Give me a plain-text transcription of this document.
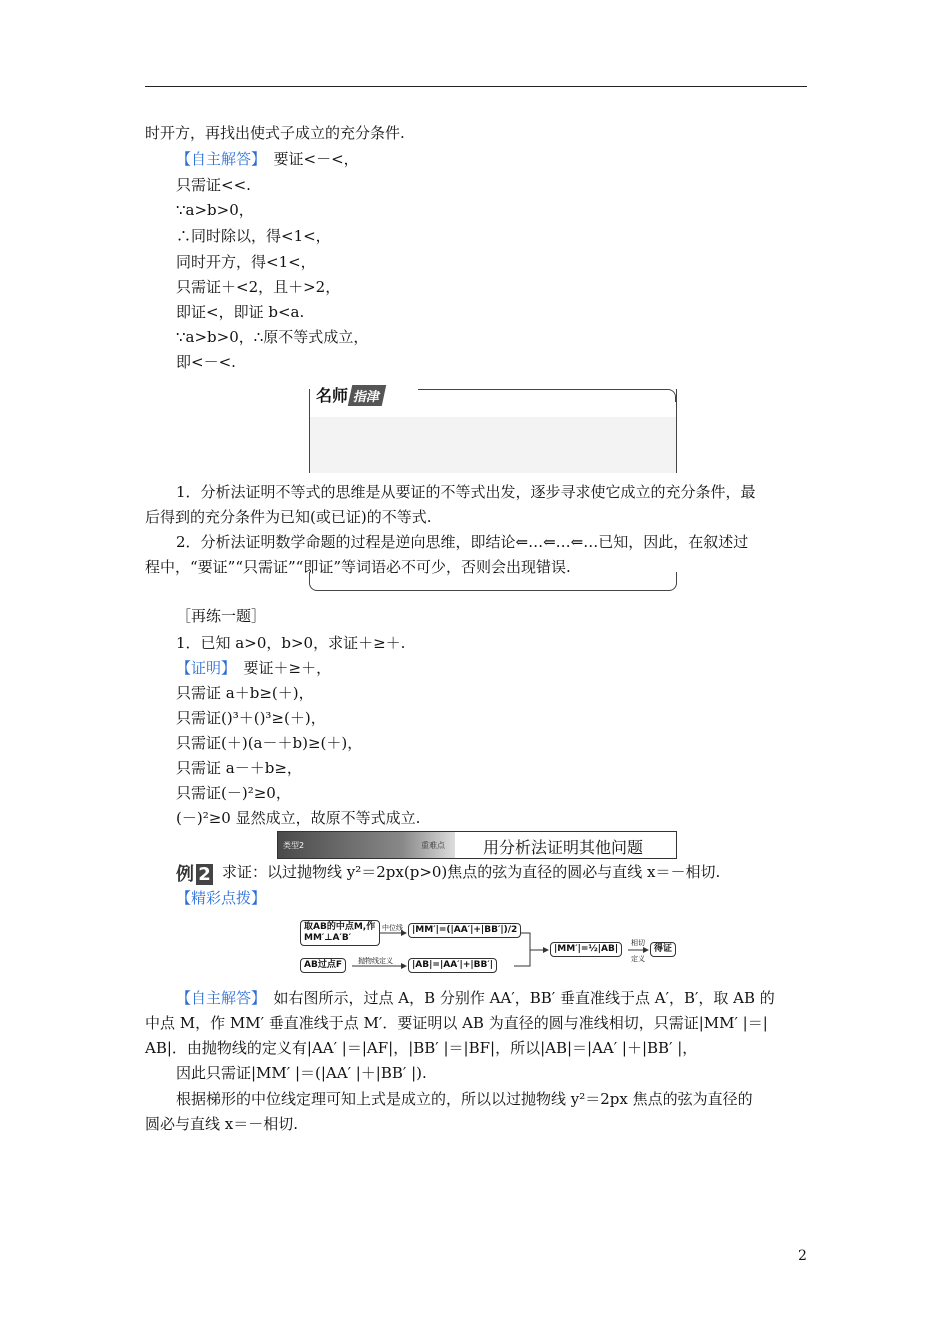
时开方，再找出使式子成立的充分条件.
【自主解答】　要证<－<，
只需证<<.
∵a>b>0，
∴同时除以，得<1<，
同时开方，得<1<，
只需证＋<2，且＋>2，
即证<，即证 b<a.
∵a>b>0，∴原不等式成立，
即<－<.
名师 指津
1．分析法证明不等式的思维是从要证的不等式出发，逐步寻求使它成立的充分条件，最
后得到的充分条件为已知(或已证)的不等式.
2．分析法证明数学命题的过程是逆向思维，即结论⇐…⇐…⇐…已知，因此，在叙述过
程中，“要证”“只需证”“即证”等词语必不可少，否则会出现错误.
［再练一题］
1．已知 a>0，b>0，求证＋≥＋.
【证明】　要证＋≥＋，
只需证 a＋b≥(＋)，
只需证()³＋()³≥(＋)，
只需证(＋)(a－＋b)≥(＋)，
只需证 a－＋b≥，
只需证(－)²≥0，
(－)²≥0 显然成立，故原不等式成立.
类型2	重难点 用分析法证明其他问题
例 2 求证：以过抛物线 y²＝2px(p>0)焦点的弦为直径的圆必与直线 x＝－相切.
【精彩点拨】
取AB的中点M,作MM′⊥A′B′
中位线	|MM′|=(|AA′|+|BB′|)/2
AB过点F	抛物线定义	|AB|=|AA′|+|BB′|
|MM′|=½|AB|
相切
定义
得证
【自主解答】　如右图所示，过点 A，B 分别作 AA′，BB′ 垂直准线于点 A′，B′，取 AB 的
中点 M，作 MM′ 垂直准线于点 M′．要证明以 AB 为直径的圆与准线相切，只需证|MM′ |＝|
AB|．由抛物线的定义有|AA′ |＝|AF|，|BB′ |＝|BF|，所以|AB|＝|AA′ |＋|BB′ |，
因此只需证|MM′ |＝(|AA′ |＋|BB′ |).
根据梯形的中位线定理可知上式是成立的，所以以过抛物线 y²＝2px 焦点的弦为直径的
圆必与直线 x＝－相切.
2
